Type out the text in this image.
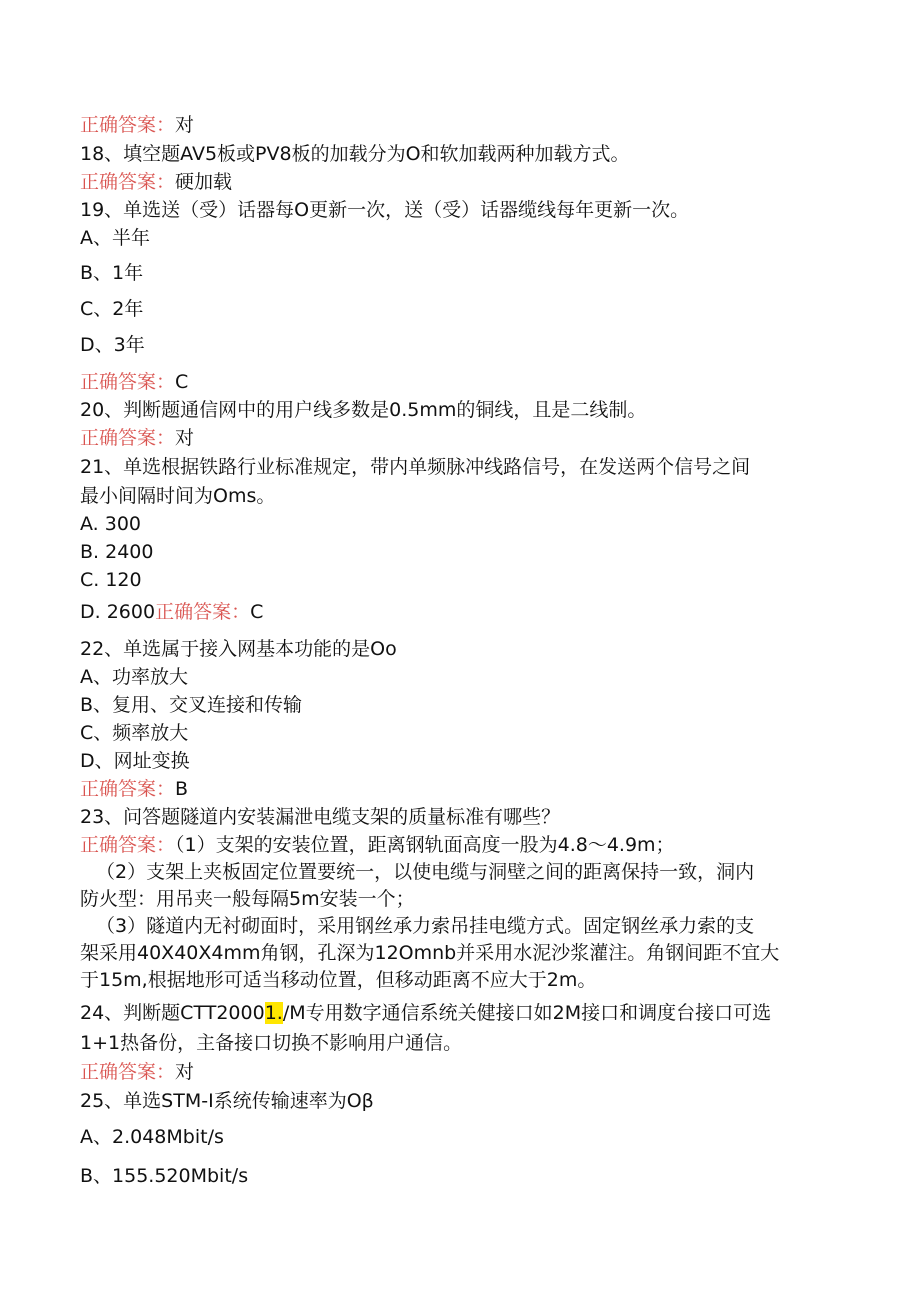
正确答案：对
18、填空题AV5板或PV8板的加载分为O和软加载两种加载方式。
正确答案：硬加载
19、单选送（受）话器每O更新一次，送（受）话器缆线每年更新一次。
A、半年
B、1年
C、2年
D、3年
正确答案：C
20、判断题通信网中的用户线多数是0.5mm的铜线，且是二线制。
正确答案：对
21、单选根据铁路行业标准规定，带内单频脉冲线路信号，在发送两个信号之间
最小间隔时间为Oms。
A. 300
B. 2400
C. 120
D. 2600正确答案：C
22、单选属于接入网基本功能的是Oo
A、功率放大
B、复用、交叉连接和传输
C、频率放大
D、网址变换
正确答案：B
23、问答题隧道内安装漏泄电缆支架的质量标准有哪些？
正确答案：（1）支架的安装位置，距离钢轨面高度一股为4.8～4.9m；
（2）支架上夹板固定位置要统一，以使电缆与洞壁之间的距离保持一致，洞内
防火型：用吊夹一般每隔5m安装一个；
（3）隧道内无衬砌面时，采用钢丝承力索吊挂电缆方式。固定钢丝承力索的支
架采用40X40X4mm角钢，孔深为12Omnb并采用水泥沙浆灌注。角钢间距不宜大
于15m,根据地形可适当移动位置，但移动距离不应大于2m。
24、判断题CTT20001./M专用数字通信系统关健接口如2M接口和调度台接口可选
1+1热备份，主备接口切换不影响用户通信。
正确答案：对
25、单选STM-I系统传输速率为Oβ
A、2.048Mbit/s
B、155.520Mbit∕s
